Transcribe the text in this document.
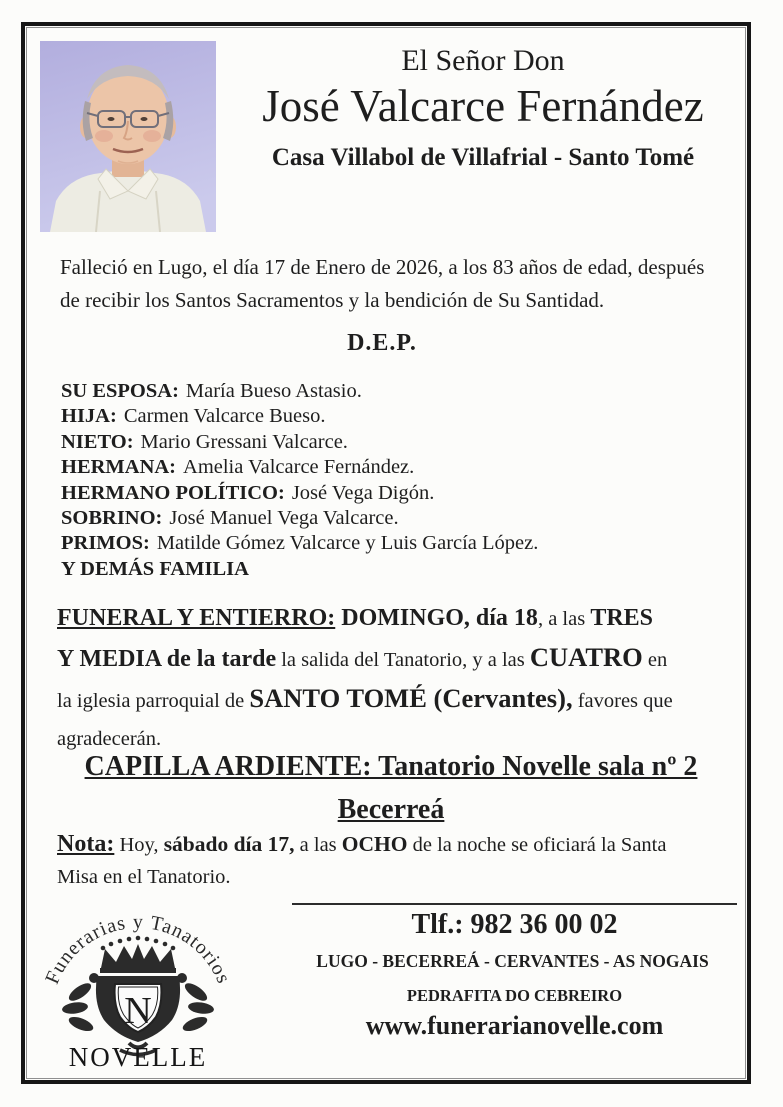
El Señor Don
José Valcarce Fernández
Casa Villabol de Villafrial - Santo Tomé
Falleció en Lugo, el día 17 de Enero de 2026, a los 83 años de edad, después
de recibir los Santos Sacramentos y la bendición de Su Santidad.
D.E.P.
SU ESPOSA: María Bueso Astasio.
HIJA: Carmen Valcarce Bueso.
NIETO: Mario Gressani Valcarce.
HERMANA: Amelia Valcarce Fernández.
HERMANO POLÍTICO: José Vega Digón.
SOBRINO: José Manuel Vega Valcarce.
PRIMOS: Matilde Gómez Valcarce y Luis García López.
Y DEMÁS FAMILIA
FUNERAL Y ENTIERRO: DOMINGO, día 18, a las TRES
Y MEDIA de la tarde la salida del Tanatorio, y a las CUATRO en
la iglesia parroquial de SANTO TOMÉ (Cervantes), favores que
agradecerán.
CAPILLA ARDIENTE: Tanatorio Novelle sala nº 2
Becerreá
Nota: Hoy, sábado día 17, a las OCHO de la noche se oficiará la Santa
Misa en el Tanatorio.
Tlf.: 982 36 00 02
LUGO - BECERREÁ - CERVANTES - AS NOGAIS
PEDRAFITA DO CEBREIRO
www.funerarianovelle.com
Funerarias y Tanatorios
N
NOVELLE
